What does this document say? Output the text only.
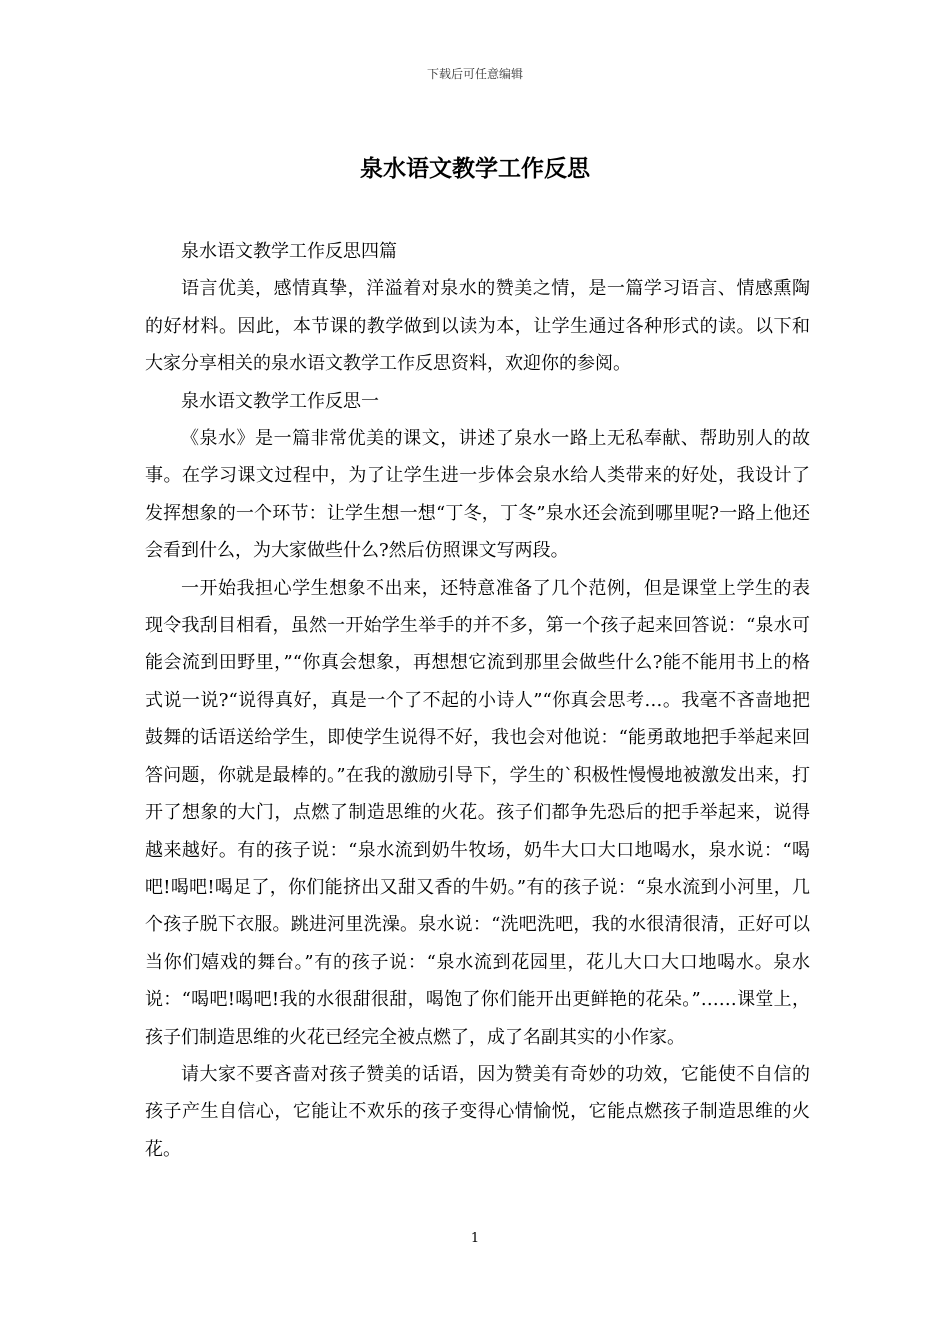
下载后可任意编辑
泉水语文教学工作反思

泉水语文教学工作反思四篇

语言优美，感情真挚，洋溢着对泉水的赞美之情，是一篇学习语言、情感熏陶的好材料。因此，本节课的教学做到以读为本，让学生通过各种形式的读。以下和大家分享相关的泉水语文教学工作反思资料，欢迎你的参阅。

泉水语文教学工作反思一

《泉水》是一篇非常优美的课文，讲述了泉水一路上无私奉献、帮助别人的故事。在学习课文过程中，为了让学生进一步体会泉水给人类带来的好处，我设计了发挥想象的一个环节：让学生想一想“丁冬，丁冬”泉水还会流到哪里呢?一路上他还会看到什么，为大家做些什么?然后仿照课文写两段。

一开始我担心学生想象不出来，还特意准备了几个范例，但是课堂上学生的表现令我刮目相看，虽然一开始学生举手的并不多，第一个孩子起来回答说：“泉水可能会流到田野里，”“你真会想象，再想想它流到那里会做些什么?能不能用书上的格式说一说?“说得真好，真是一个了不起的小诗人”“你真会思考…。我毫不吝啬地把鼓舞的话语送给学生，即使学生说得不好，我也会对他说：“能勇敢地把手举起来回答问题，你就是最棒的。”在我的激励引导下，学生的`积极性慢慢地被激发出来，打开了想象的大门，点燃了制造思维的火花。孩子们都争先恐后的把手举起来，说得越来越好。有的孩子说：“泉水流到奶牛牧场，奶牛大口大口地喝水，泉水说：“喝吧!喝吧!喝足了，你们能挤出又甜又香的牛奶。”有的孩子说：“泉水流到小河里，几个孩子脱下衣服。跳进河里洗澡。泉水说：“洗吧洗吧，我的水很清很清，正好可以当你们嬉戏的舞台。”有的孩子说：“泉水流到花园里，花儿大口大口地喝水。泉水说：“喝吧!喝吧!我的水很甜很甜，喝饱了你们能开出更鲜艳的花朵。”……课堂上，孩子们制造思维的火花已经完全被点燃了，成了名副其实的小作家。

请大家不要吝啬对孩子赞美的话语，因为赞美有奇妙的功效，它能使不自信的孩子产生自信心，它能让不欢乐的孩子变得心情愉悦，它能点燃孩子制造思维的火花。

1
